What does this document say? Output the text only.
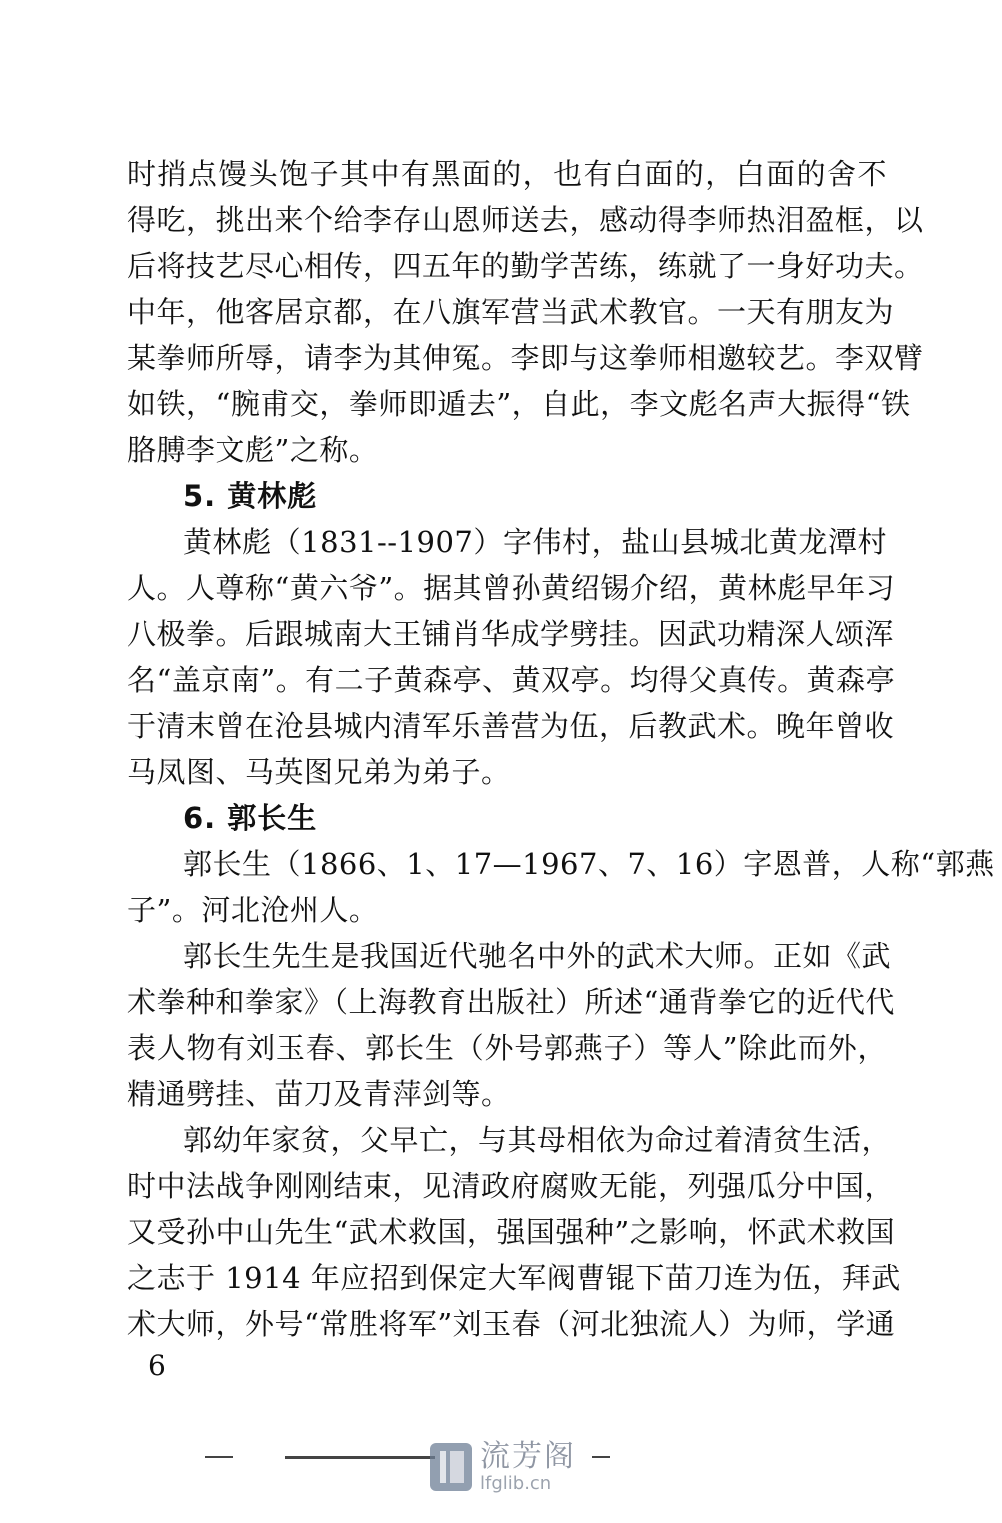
时捎点馒头饱子其中有黑面的，也有白面的，白面的舍不
得吃，挑出来个给李存山恩师送去，感动得李师热泪盈框，以
后将技艺尽心相传，四五年的勤学苦练，练就了一身好功夫。
中年，他客居京都，在八旗军营当武术教官。一天有朋友为
某拳师所辱，请李为其伸冤。李即与这拳师相邀较艺。李双臂
如铁，“腕甫交，拳师即遁去”，自此，李文彪名声大振得“铁
胳膊李文彪”之称。
5. 黄林彪
黄林彪（1831--1907）字伟村，盐山县城北黄龙潭村
人。人尊称“黄六爷”。据其曾孙黄绍锡介绍，黄林彪早年习
八极拳。后跟城南大王铺肖华成学劈挂。因武功精深人颂浑
名“盖京南”。有二子黄森亭、黄双亭。均得父真传。黄森亭
于清末曾在沧县城内清军乐善营为伍，后教武术。晚年曾收
马凤图、马英图兄弟为弟子。
6. 郭长生
郭长生（1866、1、17—1967、7、16）字恩普，人称“郭燕
子”。河北沧州人。
郭长生先生是我国近代驰名中外的武术大师。正如《武
术拳种和拳家》（上海教育出版社）所述“通背拳它的近代代
表人物有刘玉春、郭长生（外号郭燕子）等人”除此而外，
精通劈挂、苗刀及青萍剑等。
郭幼年家贫，父早亡，与其母相依为命过着清贫生活，
时中法战争刚刚结束，见清政府腐败无能，列强瓜分中国，
又受孙中山先生“武术救国，强国强种”之影响，怀武术救国
之志于 1914 年应招到保定大军阀曹锟下苗刀连为伍，拜武
术大师，外号“常胜将军”刘玉春（河北独流人）为师，学通
6
流芳阁
lfglib.cn
